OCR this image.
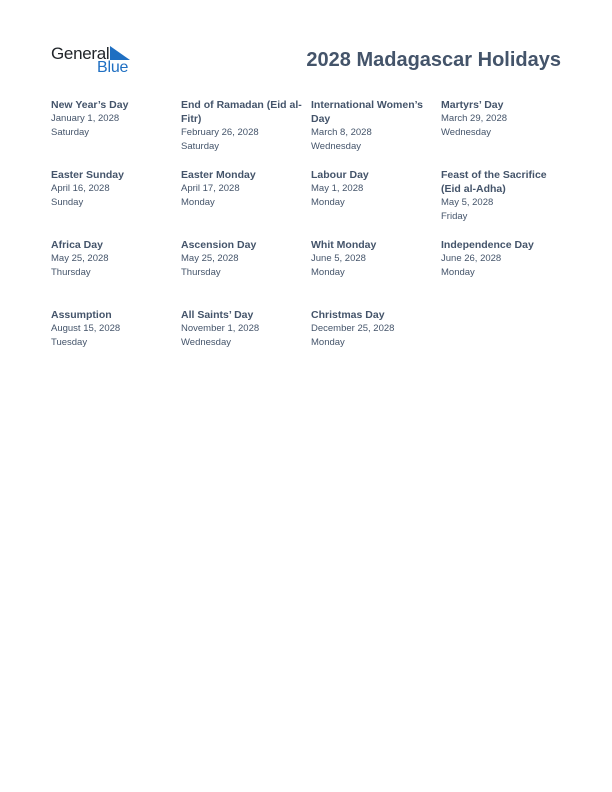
General
Blue	2028 Madagascar Holidays
New Year’s Day
January 1, 2028
Saturday
End of Ramadan (Eid al-Fitr)
February 26, 2028
Saturday
International Women’s Day
March 8, 2028
Wednesday
Martyrs’ Day
March 29, 2028
Wednesday
Easter Sunday
April 16, 2028
Sunday
Easter Monday
April 17, 2028
Monday
Labour Day
May 1, 2028
Monday
Feast of the Sacrifice (Eid al-Adha)
May 5, 2028
Friday
Africa Day
May 25, 2028
Thursday
Ascension Day
May 25, 2028
Thursday
Whit Monday
June 5, 2028
Monday
Independence Day
June 26, 2028
Monday
Assumption
August 15, 2028
Tuesday
All Saints’ Day
November 1, 2028
Wednesday
Christmas Day
December 25, 2028
Monday
